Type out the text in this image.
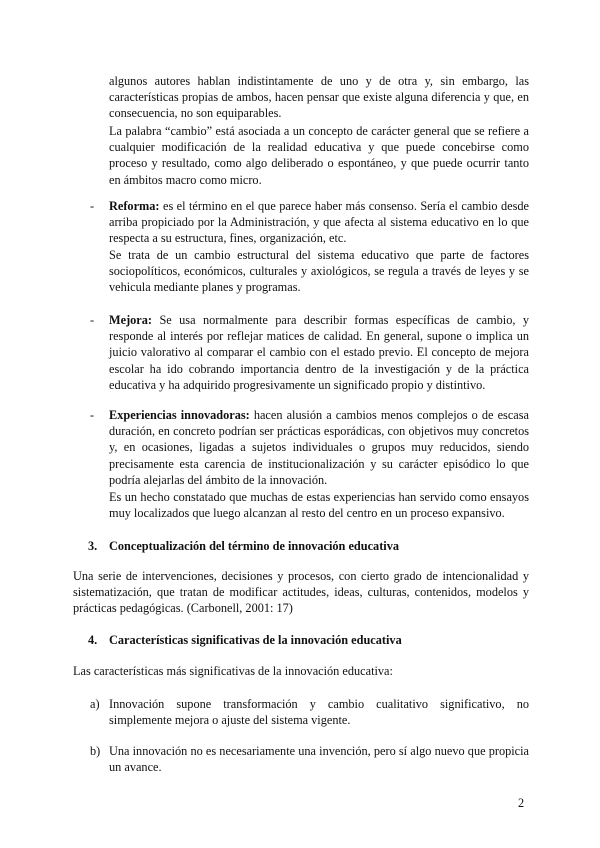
algunos autores hablan indistintamente de uno y de otra y, sin embargo, las características propias de ambos, hacen pensar que existe alguna diferencia y que, en consecuencia, no son equiparables.

La palabra “cambio” está asociada a un concepto de carácter general que se refiere a cualquier modificación de la realidad educativa y que puede concebirse como proceso y resultado, como algo deliberado o espontáneo, y que puede ocurrir tanto en ámbitos macro como micro.

- Reforma: es el término en el que parece haber más consenso. Sería el cambio desde arriba propiciado por la Administración, y que afecta al sistema educativo en lo que respecta a su estructura, fines, organización, etc.

Se trata de un cambio estructural del sistema educativo que parte de factores sociopolíticos, económicos, culturales y axiológicos, se regula a través de leyes y se vehicula mediante planes y programas.

- Mejora: Se usa normalmente para describir formas específicas de cambio, y responde al interés por reflejar matices de calidad. En general, supone o implica un juicio valorativo al comparar el cambio con el estado previo. El concepto de mejora escolar ha ido cobrando importancia dentro de la investigación y de la práctica educativa y ha adquirido progresivamente un significado propio y distintivo.

- Experiencias innovadoras: hacen alusión a cambios menos complejos o de escasa duración, en concreto podrían ser prácticas esporádicas, con objetivos muy concretos y, en ocasiones, ligadas a sujetos individuales o grupos muy reducidos, siendo precisamente esta carencia de institucionalización y su carácter episódico lo que podría alejarlas del ámbito de la innovación.

Es un hecho constatado que muchas de estas experiencias han servido como ensayos muy localizados que luego alcanzan al resto del centro en un proceso expansivo.

3. Conceptualización del término de innovación educativa

Una serie de intervenciones, decisiones y procesos, con cierto grado de intencionalidad y sistematización, que tratan de modificar actitudes, ideas, culturas, contenidos, modelos y prácticas pedagógicas. (Carbonell, 2001: 17)

4. Características significativas de la innovación educativa

Las características más significativas de la innovación educativa:

a) Innovación supone transformación y cambio cualitativo significativo, no simplemente mejora o ajuste del sistema vigente.

b) Una innovación no es necesariamente una invención, pero sí algo nuevo que propicia un avance.

2
